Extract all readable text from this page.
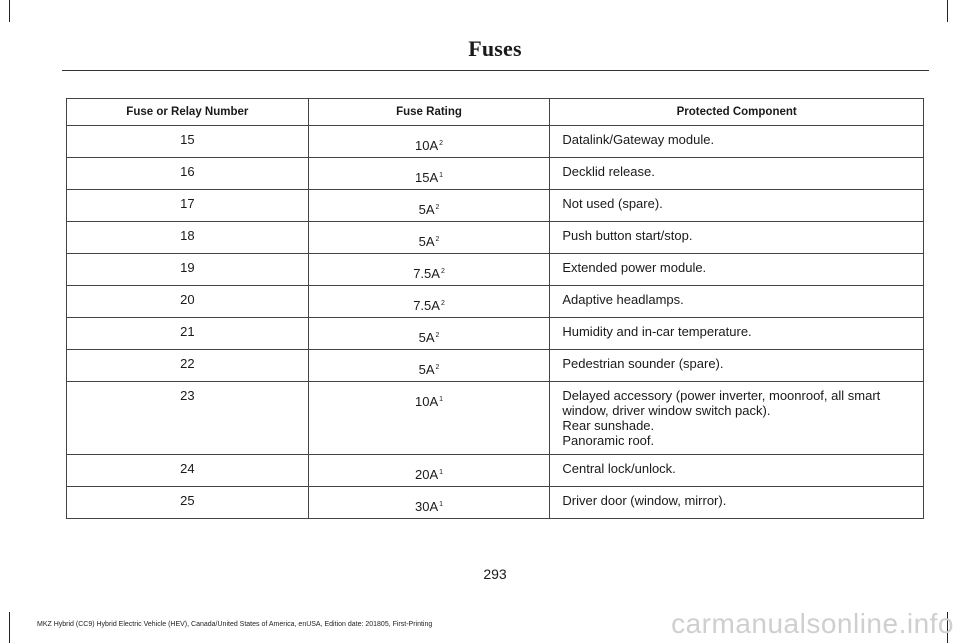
Fuses
Fuse or Relay Number	Fuse Rating	Protected Component
15	$10A^2$	Datalink/Gateway module.

16	$15A^1$	Decklid release.

17	$5A^2$	Not used (spare).

18	$5A^2$	Push button start/stop.

19	$7.5A^2$	Extended power module.

20	$7.5A^2$	Adaptive headlamps.

21	$5A^2$	Humidity and in-car temperature.

22	$5A^2$	Pedestrian sounder (spare).

23	$10A^1$	Delayed accessory (power inverter, moonroof, all smart window, driver window switch pack).
Rear sunshade.
Panoramic roof.

24	$20A^1$	Central lock/unlock.

25	$30A^1$	Driver door (window, mirror).
293
MKZ Hybrid (CC9) Hybrid Electric Vehicle (HEV), Canada/United States of America, enUSA, Edition date: 201805, First-Printing	carmanualsonline.info
